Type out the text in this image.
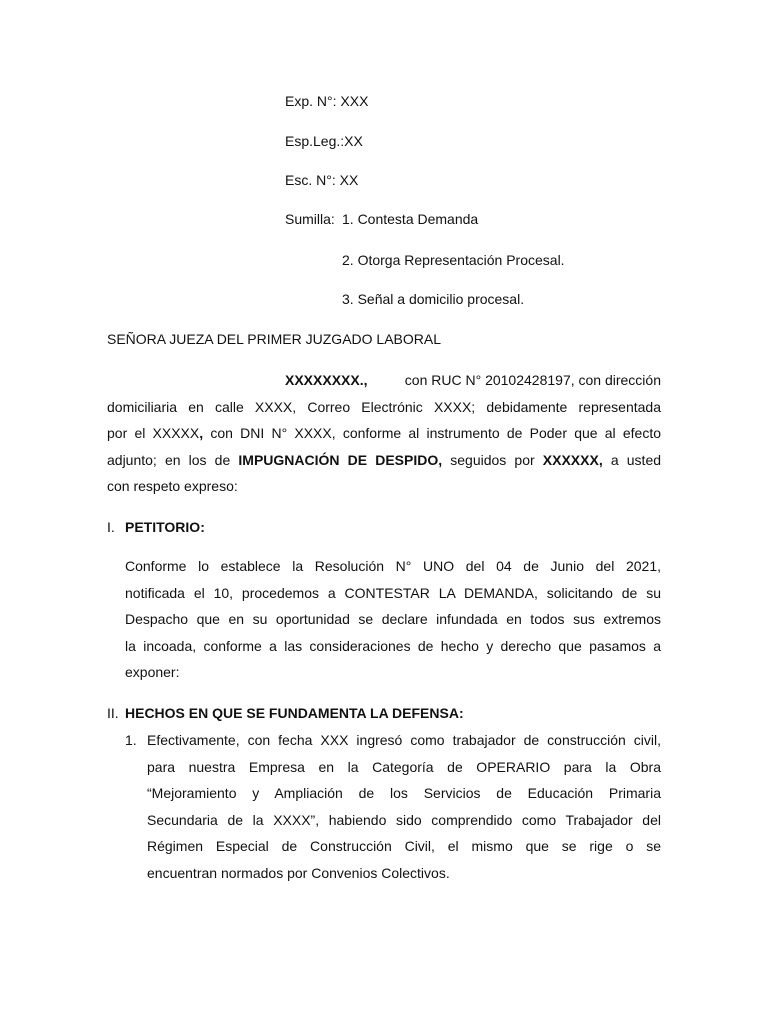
Exp. N°: XXX
Esp.Leg.:XX
Esc. N°: XX
Sumilla: 1. Contesta Demanda
2. Otorga Representación Procesal.
3. Señal a domicilio procesal.
SEÑORA JUEZA DEL PRIMER JUZGADO LABORAL
XXXXXXXX.,	con RUC N° 20102428197, con dirección
domiciliaria en calle XXXX, Correo Electrónic XXXX; debidamente representada
por el XXXXX, con DNI N° XXXX, conforme al instrumento de Poder que al efecto
adjunto; en los de IMPUGNACIÓN DE DESPIDO, seguidos por XXXXXX, a usted
con respeto expreso:
I. PETITORIO:
Conforme lo establece la Resolución N° UNO del 04 de Junio del 2021,
notificada el 10, procedemos a CONTESTAR LA DEMANDA, solicitando de su
Despacho que en su oportunidad se declare infundada en todos sus extremos
la incoada, conforme a las consideraciones de hecho y derecho que pasamos a
exponer:
II. HECHOS EN QUE SE FUNDAMENTA LA DEFENSA:
1. Efectivamente, con fecha XXX ingresó como trabajador de construcción civil,
para nuestra Empresa en la Categoría de OPERARIO para la Obra
“Mejoramiento y Ampliación de los Servicios de Educación Primaria
Secundaria de la XXXX”, habiendo sido comprendido como Trabajador del
Régimen Especial de Construcción Civil, el mismo que se rige o se
encuentran normados por Convenios Colectivos.
